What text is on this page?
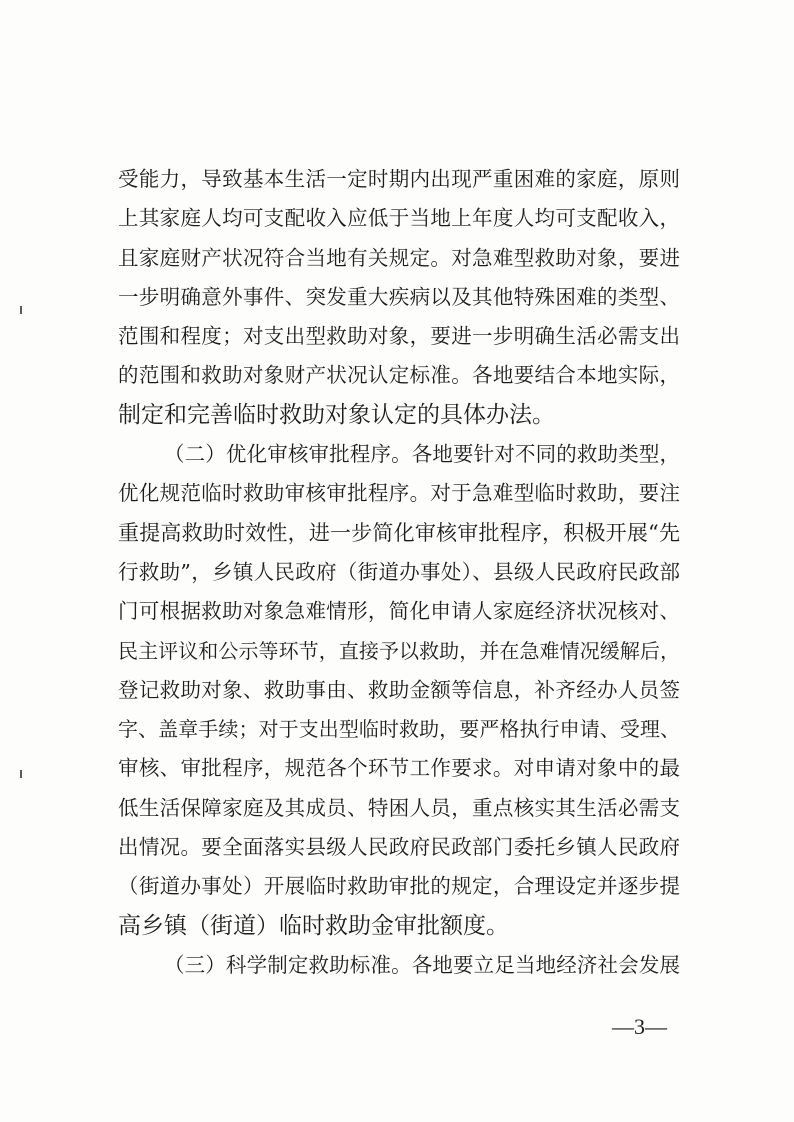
受能力，导致基本生活一定时期内出现严重困难的家庭，原则
上其家庭人均可支配收入应低于当地上年度人均可支配收入，
且家庭财产状况符合当地有关规定。对急难型救助对象，要进
一步明确意外事件、突发重大疾病以及其他特殊困难的类型、
范围和程度；对支出型救助对象，要进一步明确生活必需支出
的范围和救助对象财产状况认定标准。各地要结合本地实际，
制定和完善临时救助对象认定的具体办法。
（二）优化审核审批程序。各地要针对不同的救助类型，
优化规范临时救助审核审批程序。对于急难型临时救助，要注
重提高救助时效性，进一步简化审核审批程序，积极开展“先
行救助”，乡镇人民政府（街道办事处）、县级人民政府民政部
门可根据救助对象急难情形，简化申请人家庭经济状况核对、
民主评议和公示等环节，直接予以救助，并在急难情况缓解后，
登记救助对象、救助事由、救助金额等信息，补齐经办人员签
字、盖章手续；对于支出型临时救助，要严格执行申请、受理、
审核、审批程序，规范各个环节工作要求。对申请对象中的最
低生活保障家庭及其成员、特困人员，重点核实其生活必需支
出情况。要全面落实县级人民政府民政部门委托乡镇人民政府
（街道办事处）开展临时救助审批的规定，合理设定并逐步提
高乡镇（街道）临时救助金审批额度。
（三）科学制定救助标准。各地要立足当地经济社会发展
—3—
